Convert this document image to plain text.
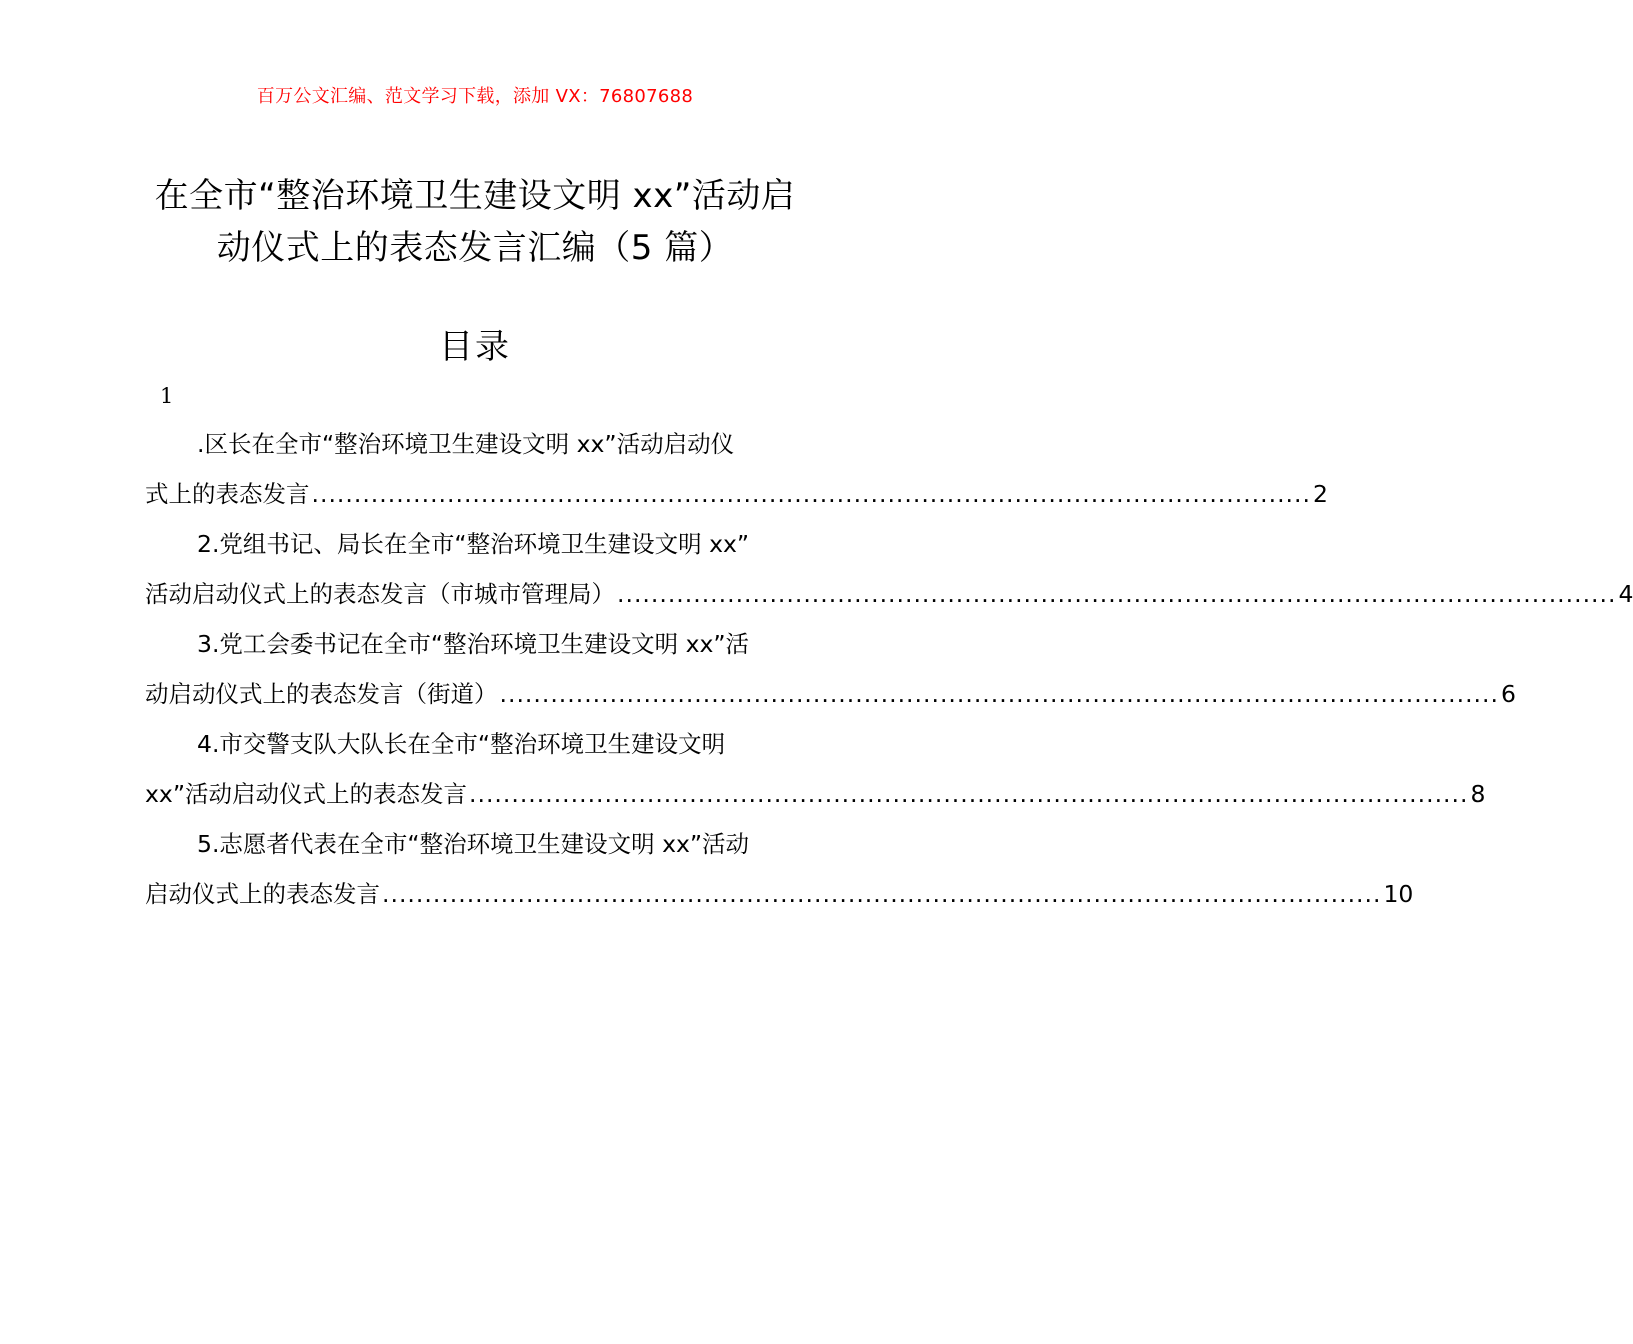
百万公文汇编、范文学习下载，添加 VX：76807688
在全市“整治环境卫生建设文明 xx”活动启
动仪式上的表态发言汇编（5 篇）
目录
1
.区长在全市“整治环境卫生建设文明 xx”活动启动仪
式上的表态发言 ...................................................................................................................... 2
2.党组书记、局长在全市“整治环境卫生建设文明 xx”
活动启动仪式上的表态发言（市城市管理局） ...................................................................................................................... 4
3.党工会委书记在全市“整治环境卫生建设文明 xx”活
动启动仪式上的表态发言（街道） ...................................................................................................................... 6
4.市交警支队大队长在全市“整治环境卫生建设文明
xx”活动启动仪式上的表态发言 ...................................................................................................................... 8
5.志愿者代表在全市“整治环境卫生建设文明 xx”活动
启动仪式上的表态发言 ...................................................................................................................... 10
